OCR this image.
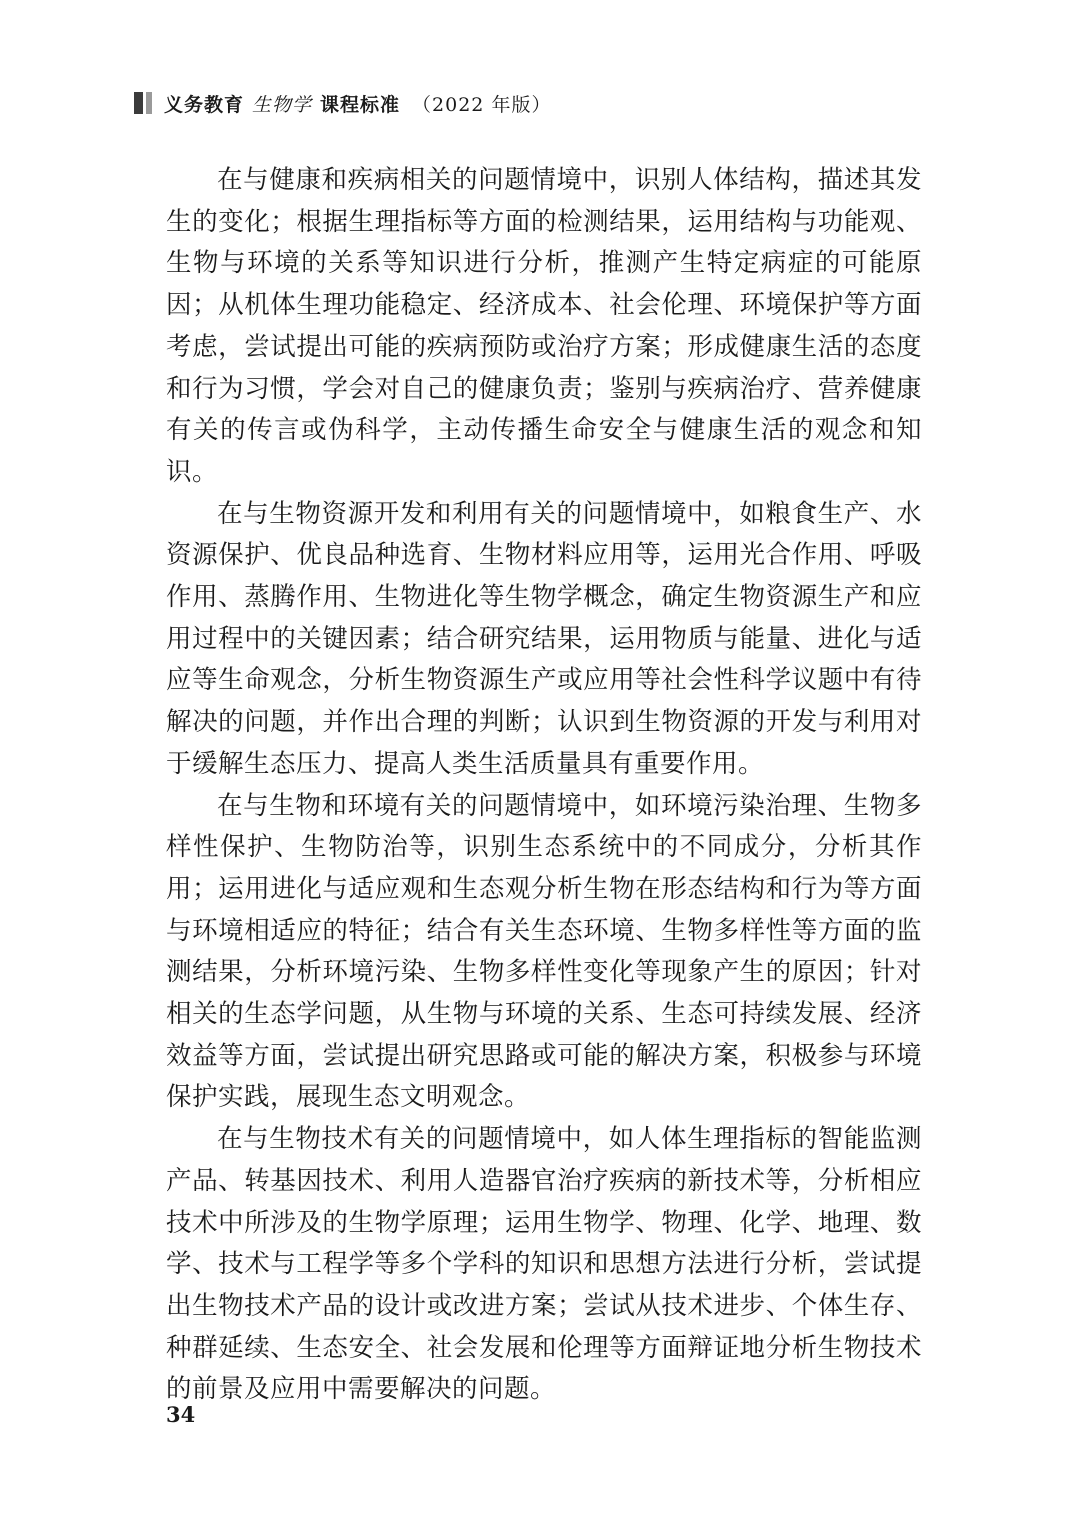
义务教育 生物学 课程标准 （2022 年版）

在与健康和疾病相关的问题情境中，识别人体结构，描述其发生的变化；根据生理指标等方面的检测结果，运用结构与功能观、生物与环境的关系等知识进行分析，推测产生特定病症的可能原因；从机体生理功能稳定、经济成本、社会伦理、环境保护等方面考虑，尝试提出可能的疾病预防或治疗方案；形成健康生活的态度和行为习惯，学会对自己的健康负责；鉴别与疾病治疗、营养健康有关的传言或伪科学，主动传播生命安全与健康生活的观念和知识。

在与生物资源开发和利用有关的问题情境中，如粮食生产、水资源保护、优良品种选育、生物材料应用等，运用光合作用、呼吸作用、蒸腾作用、生物进化等生物学概念，确定生物资源生产和应用过程中的关键因素；结合研究结果，运用物质与能量、进化与适应等生命观念，分析生物资源生产或应用等社会性科学议题中有待解决的问题，并作出合理的判断；认识到生物资源的开发与利用对于缓解生态压力、提高人类生活质量具有重要作用。

在与生物和环境有关的问题情境中，如环境污染治理、生物多样性保护、生物防治等，识别生态系统中的不同成分，分析其作用；运用进化与适应观和生态观分析生物在形态结构和行为等方面与环境相适应的特征；结合有关生态环境、生物多样性等方面的监测结果，分析环境污染、生物多样性变化等现象产生的原因；针对相关的生态学问题，从生物与环境的关系、生态可持续发展、经济效益等方面，尝试提出研究思路或可能的解决方案，积极参与环境保护实践，展现生态文明观念。

在与生物技术有关的问题情境中，如人体生理指标的智能监测产品、转基因技术、利用人造器官治疗疾病的新技术等，分析相应技术中所涉及的生物学原理；运用生物学、物理、化学、地理、数学、技术与工程学等多个学科的知识和思想方法进行分析，尝试提出生物技术产品的设计或改进方案；尝试从技术进步、个体生存、种群延续、生态安全、社会发展和伦理等方面辩证地分析生物技术的前景及应用中需要解决的问题。

34
